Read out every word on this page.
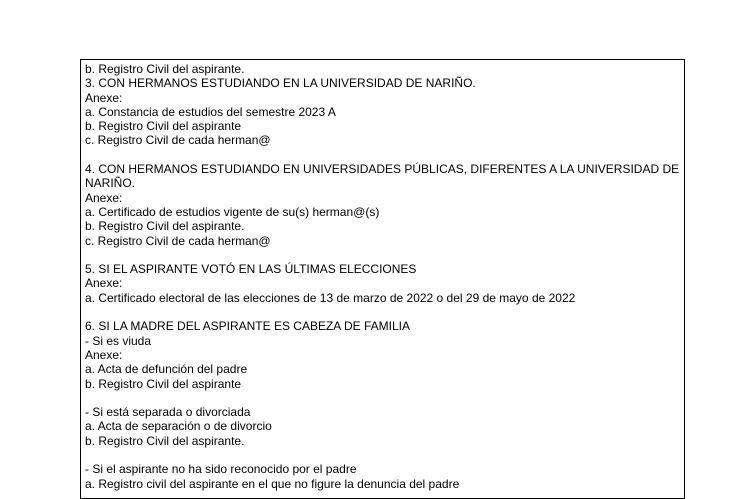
b. Registro Civil del aspirante.
3. CON HERMANOS ESTUDIANDO EN LA UNIVERSIDAD DE NARIÑO.
Anexe:
a. Constancia de estudios del semestre 2023 A
b. Registro Civil del aspirante
c. Registro Civil de cada herman@
4. CON HERMANOS ESTUDIANDO EN UNIVERSIDADES PÚBLICAS, DIFERENTES A LA UNIVERSIDAD DE NARIÑO.
Anexe:
a. Certificado de estudios vigente de su(s) herman@(s)
b. Registro Civil del aspirante.
c. Registro Civil de cada herman@
5. SI EL ASPIRANTE VOTÓ EN LAS ÚLTIMAS ELECCIONES
Anexe:
a. Certificado electoral de las elecciones de 13 de marzo de 2022 o del 29 de mayo de 2022
6. SI LA MADRE DEL ASPIRANTE ES CABEZA DE FAMILIA
- Si es viuda
Anexe:
a. Acta de defunción del padre
b. Registro Civil del aspirante
- Si está separada o divorciada
a. Acta de separación o de divorcio
b. Registro Civil del aspirante.
- Si el aspirante no ha sido reconocido por el padre
a. Registro civil del aspirante en el que no figure la denuncia del padre
